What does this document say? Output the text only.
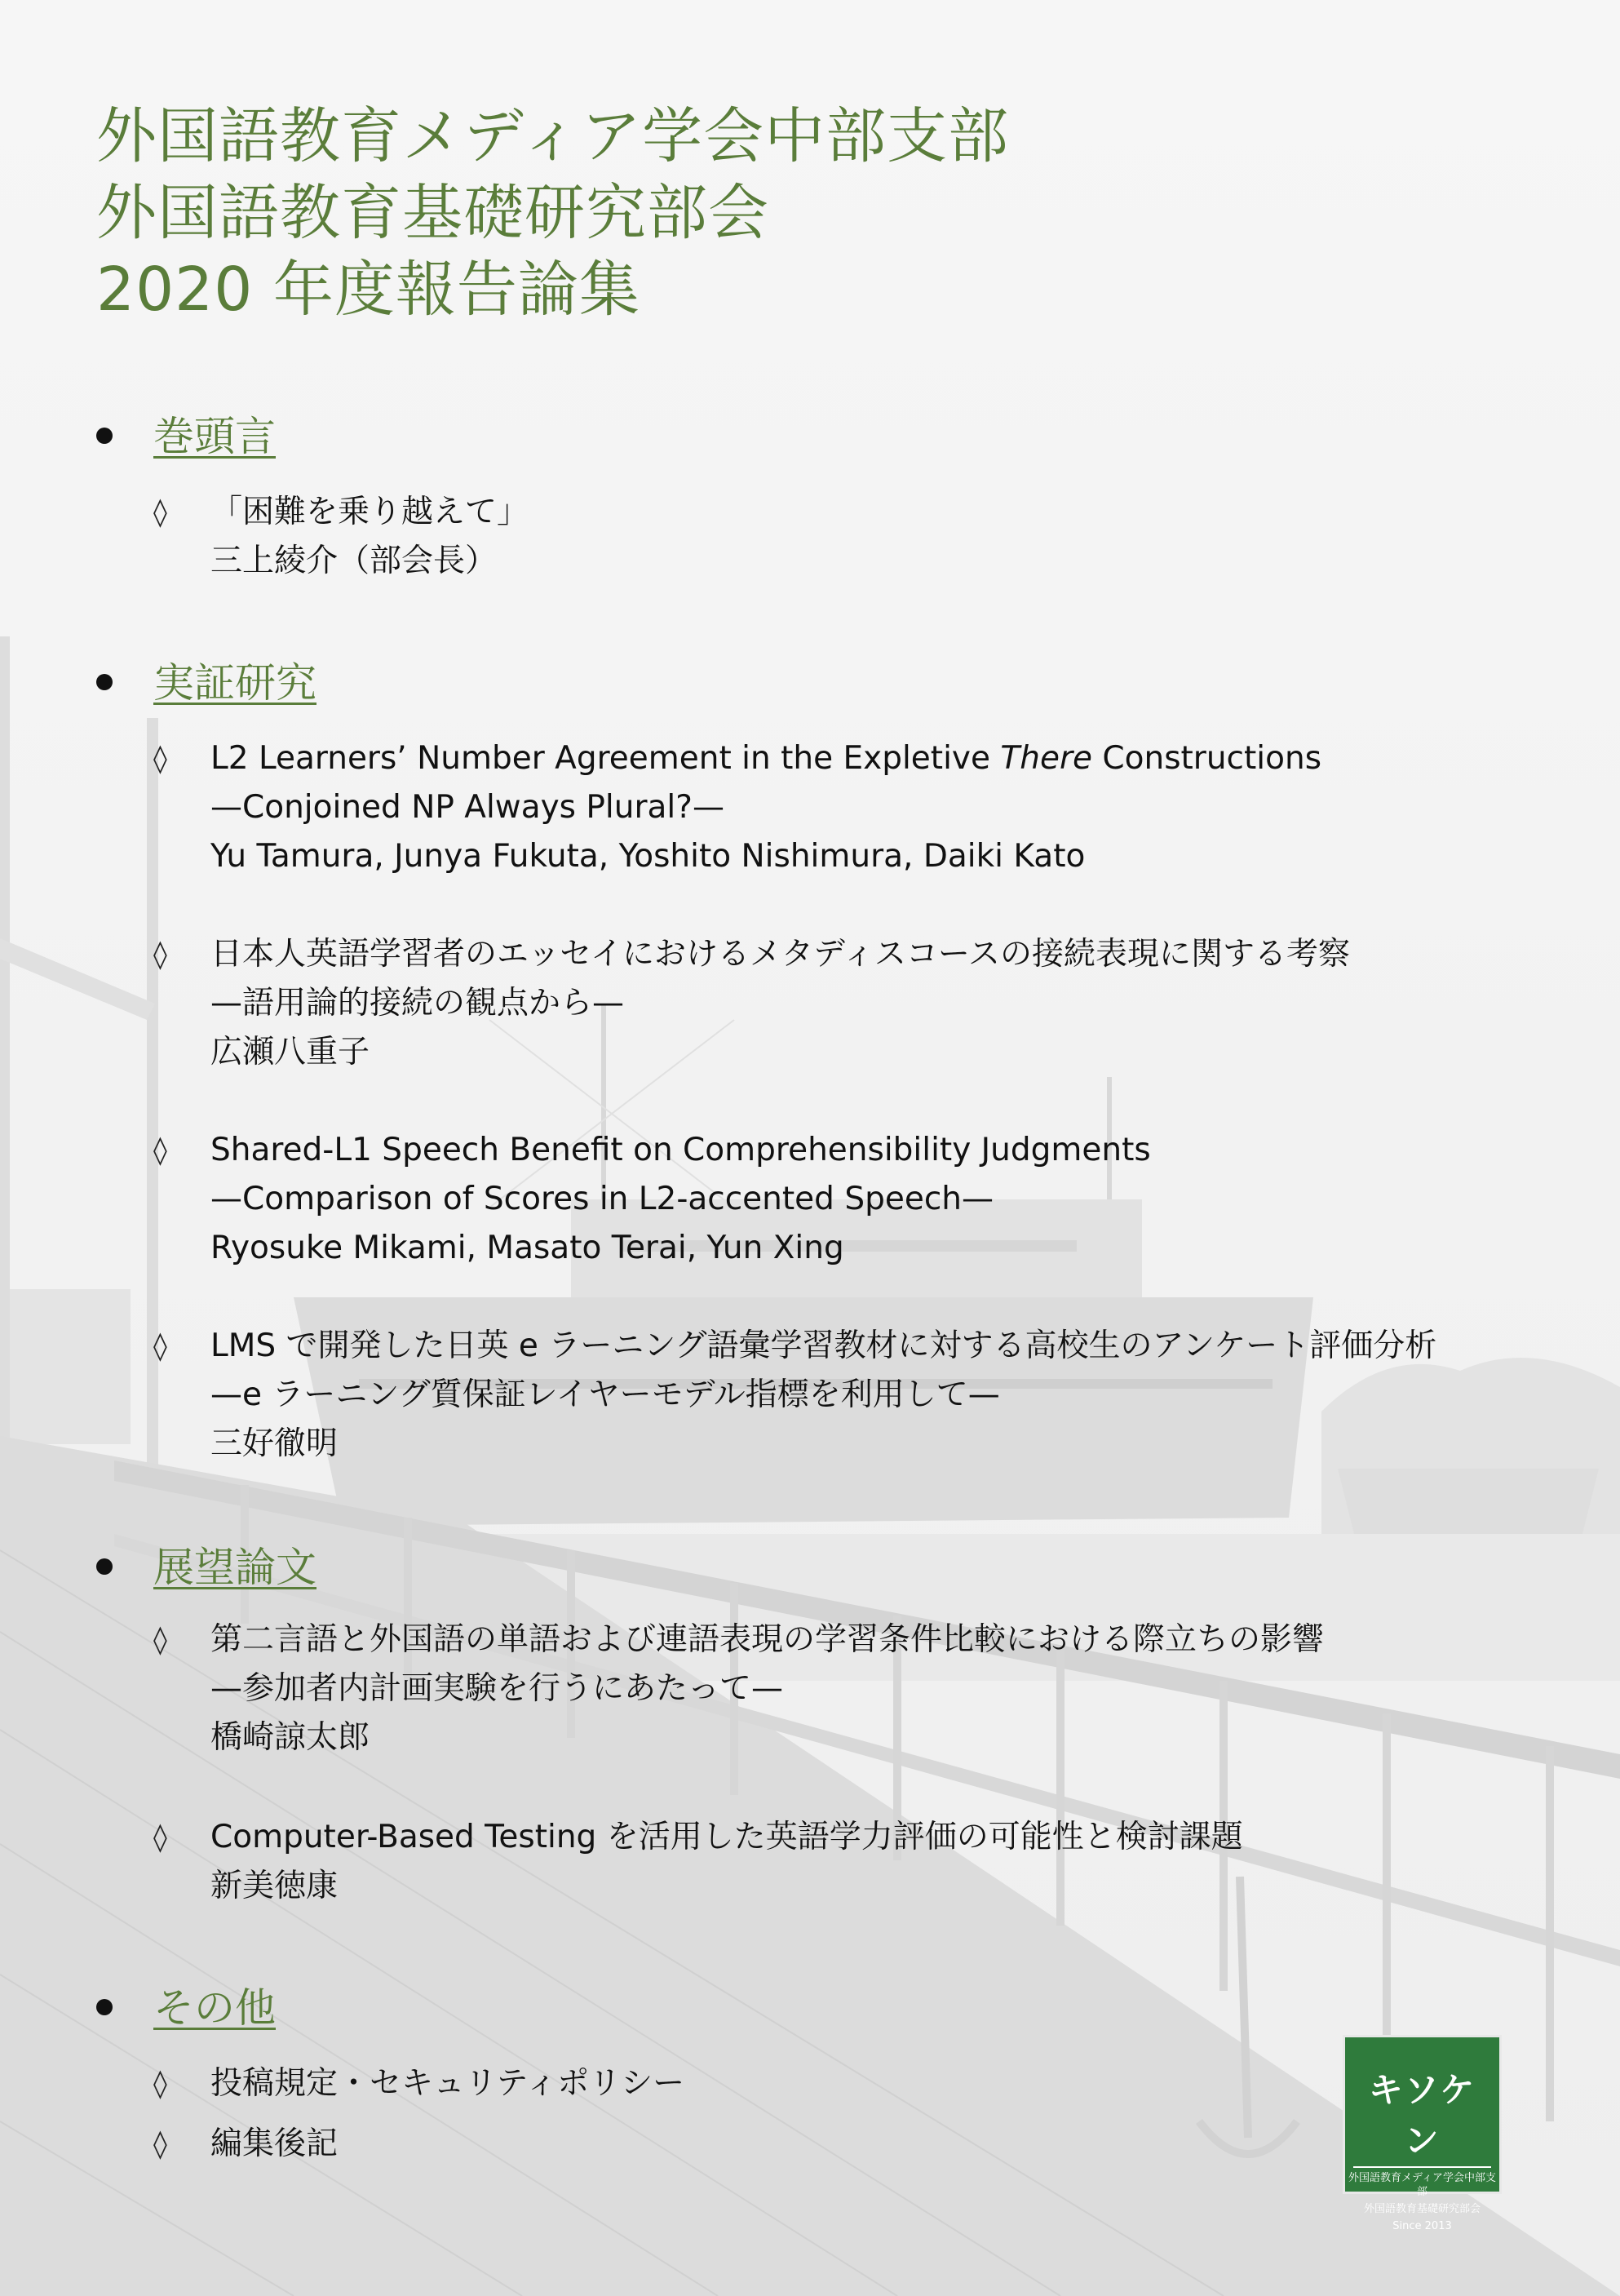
外国語教育メディア学会中部支部
外国語教育基礎研究部会
2020 年度報告論集
巻頭言
◊ 「困難を乗り越えて」
三上綾介（部会長）
実証研究
◊ L2 Learners’ Number Agreement in the Expletive There Constructions
—Conjoined NP Always Plural?—
Yu Tamura, Junya Fukuta, Yoshito Nishimura, Daiki Kato
◊ 日本人英語学習者のエッセイにおけるメタディスコースの接続表現に関する考察
—語用論的接続の観点から—
広瀬八重子
◊ Shared-L1 Speech Benefit on Comprehensibility Judgments
—Comparison of Scores in L2-accented Speech—
Ryosuke Mikami, Masato Terai, Yun Xing
◊ LMS で開発した日英 e ラーニング語彙学習教材に対する高校生のアンケート評価分析
—e ラーニング質保証レイヤーモデル指標を利用して—
三好徹明
展望論文
◊ 第二言語と外国語の単語および連語表現の学習条件比較における際立ちの影響
—参加者内計画実験を行うにあたって—
橋崎諒太郎
◊ Computer-Based Testing を活用した英語学力評価の可能性と検討課題
新美徳康
その他
◊ 投稿規定・セキュリティポリシー
◊ 編集後記
キソケン
外国語教育メディア学会中部支部
外国語教育基礎研究部会
Since 2013
